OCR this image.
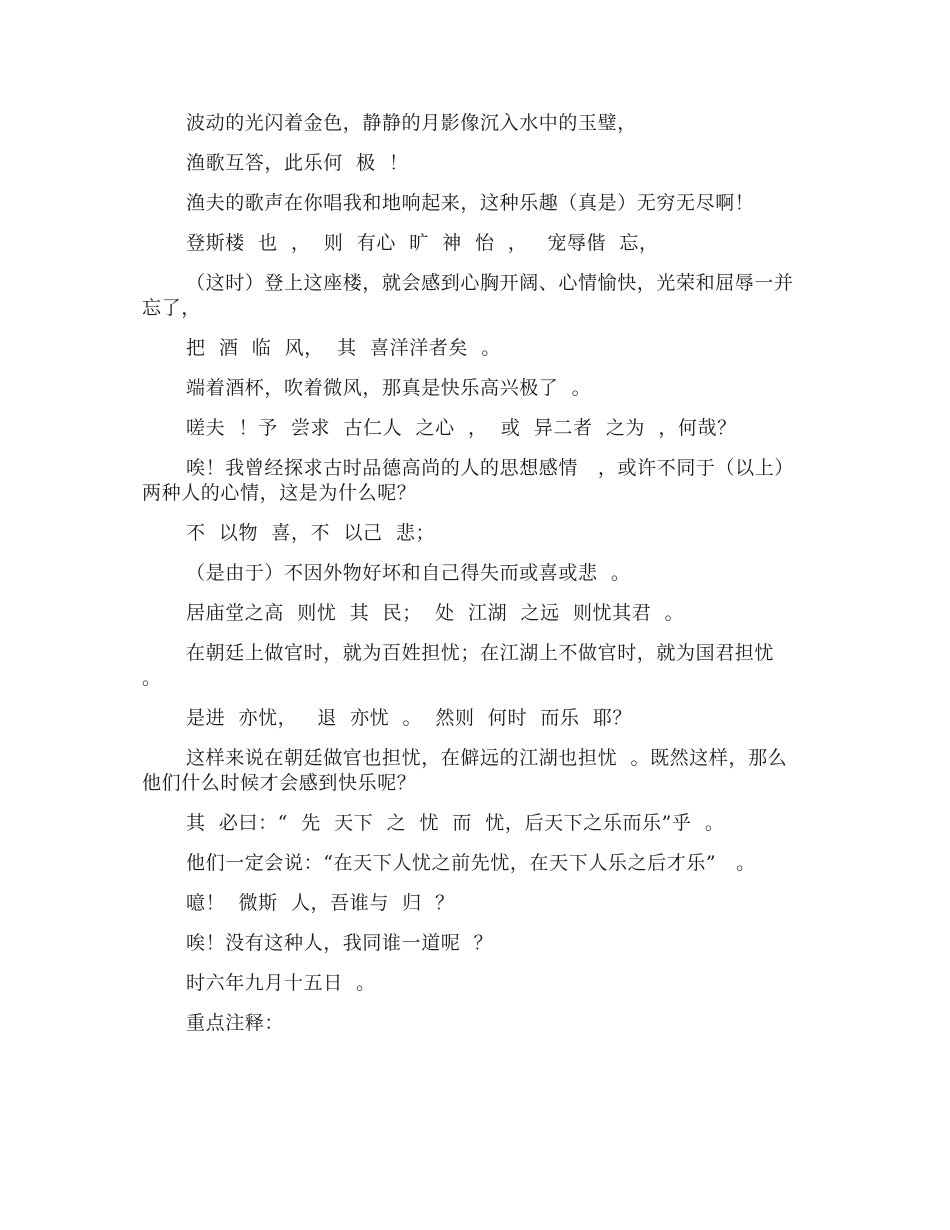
波动的光闪着金色，静静的月影像沉入水中的玉璧，

渔歌互答，此乐何  极  ！

渔夫的歌声在你唱我和地响起来，这种乐趣（真是）无穷无尽啊！

登斯楼  也  ，  则  有心  旷  神  怡  ，   宠辱偕  忘，

（这时）登上这座楼，就会感到心胸开阔、心情愉快，光荣和屈辱一并忘了，

把  酒  临  风，  其  喜洋洋者矣  。

端着酒杯，吹着微风，那真是快乐高兴极了  。

嗟夫  ！予  尝求  古仁人  之心  ，  或  异二者  之为  ，何哉？

唉！我曾经探求古时品德高尚的人的思想感情   ，或许不同于（以上）两种人的心情，这是为什么呢？

不  以物  喜，不  以己  悲；

（是由于）不因外物好坏和自己得失而或喜或悲  。

居庙堂之高  则忧  其  民；  处  江湖  之远  则忧其君  。

在朝廷上做官时，就为百姓担忧；在江湖上不做官时，就为国君担忧  。

是进  亦忧，   退  亦忧  。  然则  何时  而乐  耶？

这样来说在朝廷做官也担忧，在僻远的江湖也担忧  。既然这样，那么他们什么时候才会感到快乐呢？

其  必曰：“  先  天下  之  忧  而  忧，后天下之乐而乐”乎  。

他们一定会说：“在天下人忧之前先忧，在天下人乐之后才乐”   。

噫！  微斯  人，吾谁与  归  ？

唉！没有这种人，我同谁一道呢  ？

时六年九月十五日  。

重点注释：
